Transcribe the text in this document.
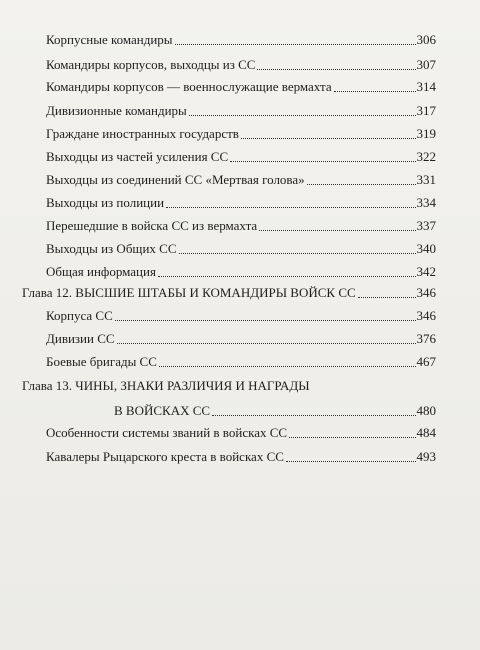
Корпусные командиры	306
Командиры корпусов, выходцы из СС	307
Командиры корпусов — военнослужащие вермахта	314
Дивизионные командиры	317
Граждане иностранных государств	319
Выходцы из частей усиления СС	322
Выходцы из соединений СС «Мертвая голова»	331
Выходцы из полиции	334
Перешедшие в войска СС из вермахта	337
Выходцы из Общих СС	340
Общая информация	342
Глава 12. ВЫСШИЕ ШТАБЫ И КОМАНДИРЫ ВОЙСК СС	346
Корпуса СС	346
Дивизии СС	376
Боевые бригады СС	467
Глава 13. ЧИНЫ, ЗНАКИ РАЗЛИЧИЯ И НАГРАДЫ
В ВОЙСКАХ СС	480
Особенности системы званий в войсках СС	484
Кавалеры Рыцарского креста в войсках СС	493
